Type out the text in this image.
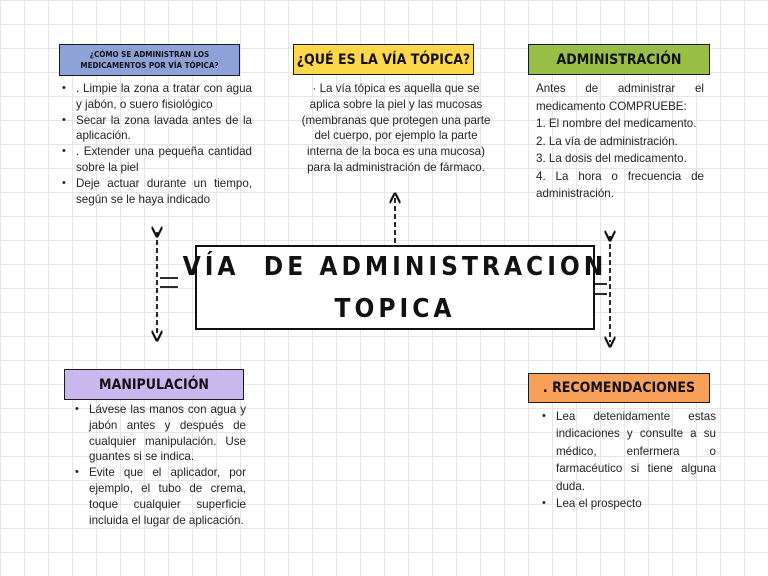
¿CÓMO SE ADMINISTRAN LOS MEDICAMENTOS POR VÍA TÓPICA?
• . Limpie la zona a tratar con agua y jabón, o suero fisiológico
• Secar la zona lavada antes de la aplicación.
• . Extender una pequeña cantidad sobre la piel
• Deje actuar durante un tiempo, según se le haya indicado
¿QUÉ ES LA VÍA TÓPICA?
· La vía tópica es aquella que se aplica sobre la piel y las mucosas (membranas que protegen una parte del cuerpo, por ejemplo la parte interna de la boca es una mucosa) para la administración de fármaco.
ADMINISTRACIÓN
Antes de administrar el medicamento COMPRUEBE:
1. El nombre del medicamento.
2. La vía de administración.
3. La dosis del medicamento.
4. La hora o frecuencia de administración.
VÍA  DE ADMINISTRACION
TOPICA
MANIPULACIÓN
• Lávese las manos con agua y jabón antes y después de cualquier manipulación. Use guantes si se indica.
• Evite que el aplicador, por ejemplo, el tubo de crema, toque cualquier superficie incluida el lugar de aplicación.
. RECOMENDACIONES
• Lea detenidamente estas indicaciones y consulte a su médico, enfermera o farmacéutico si tiene alguna duda.
• Lea el prospecto
